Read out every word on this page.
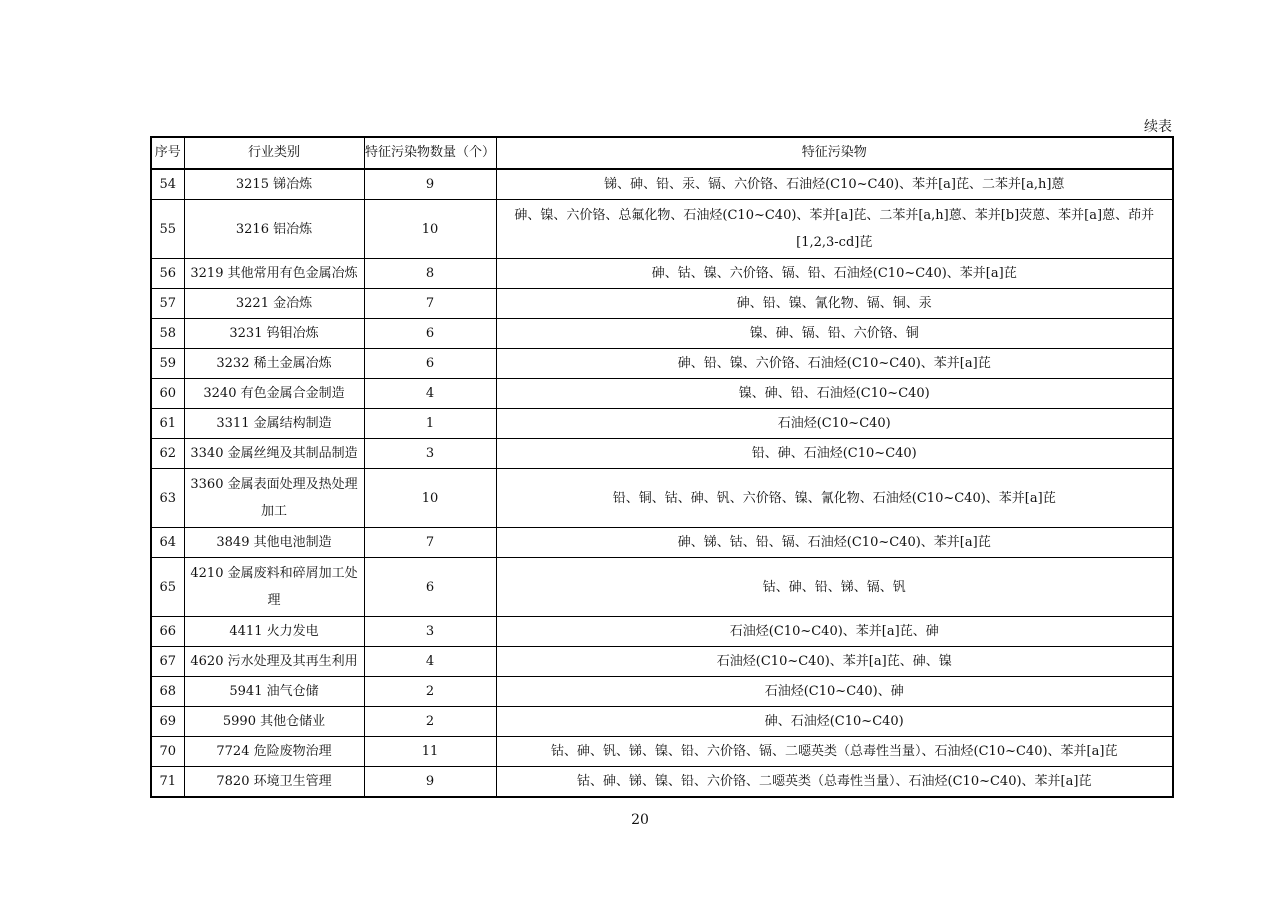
续表
序号	行业类别	特征污染物数量（个）	特征污染物
54	3215 锑冶炼	9	锑、砷、铅、汞、镉、六价铬、石油烃(C10~C40)、苯并[a]芘、二苯并[a,h]蒽
55	3216 铝冶炼	10	砷、镍、六价铬、总氟化物、石油烃(C10~C40)、苯并[a]芘、二苯并[a,h]蒽、苯并[b]荧蒽、苯并[a]蒽、茚并[1,2,3-cd]芘
56	3219 其他常用有色金属冶炼	8	砷、钴、镍、六价铬、镉、铅、石油烃(C10~C40)、苯并[a]芘
57	3221 金冶炼	7	砷、铅、镍、氰化物、镉、铜、汞
58	3231 钨钼冶炼	6	镍、砷、镉、铅、六价铬、铜
59	3232 稀土金属冶炼	6	砷、铅、镍、六价铬、石油烃(C10~C40)、苯并[a]芘
60	3240 有色金属合金制造	4	镍、砷、铅、石油烃(C10~C40)
61	3311 金属结构制造	1	石油烃(C10~C40)
62	3340 金属丝绳及其制品制造	3	铅、砷、石油烃(C10~C40)
63	3360 金属表面处理及热处理加工	10	铅、铜、钴、砷、钒、六价铬、镍、氰化物、石油烃(C10~C40)、苯并[a]芘
64	3849 其他电池制造	7	砷、锑、钴、铅、镉、石油烃(C10~C40)、苯并[a]芘
65	4210 金属废料和碎屑加工处理	6	钴、砷、铅、锑、镉、钒
66	4411 火力发电	3	石油烃(C10~C40)、苯并[a]芘、砷
67	4620 污水处理及其再生利用	4	石油烃(C10~C40)、苯并[a]芘、砷、镍
68	5941 油气仓储	2	石油烃(C10~C40)、砷
69	5990 其他仓储业	2	砷、石油烃(C10~C40)
70	7724 危险废物治理	11	钴、砷、钒、锑、镍、铅、六价铬、镉、二噁英类（总毒性当量）、石油烃(C10~C40)、苯并[a]芘
71	7820 环境卫生管理	9	钴、砷、锑、镍、铅、六价铬、二噁英类（总毒性当量）、石油烃(C10~C40)、苯并[a]芘
20
